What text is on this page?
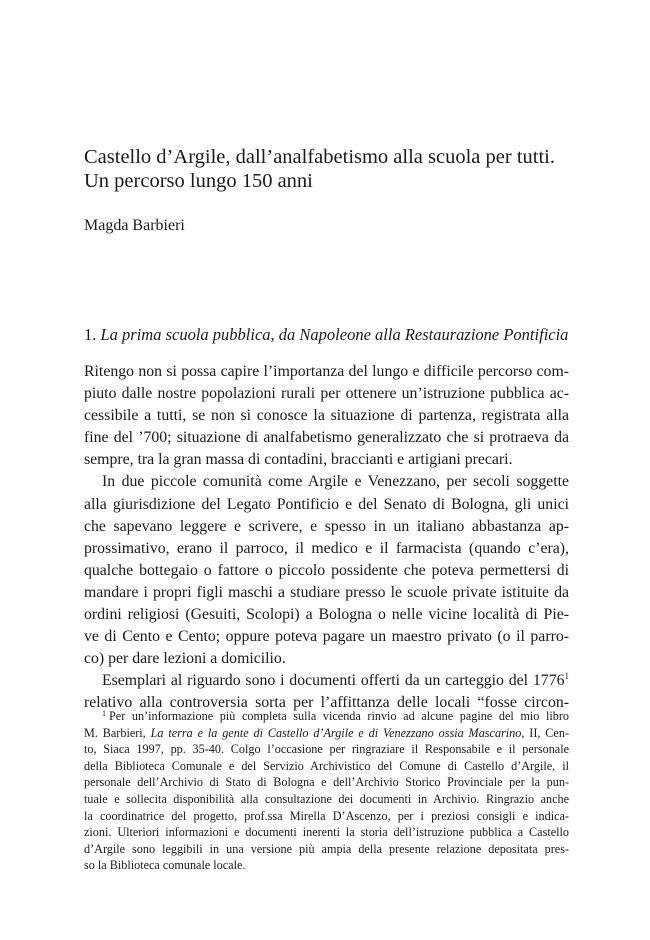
Castello d’Argile, dall’analfabetismo alla scuola per tutti.
Un percorso lungo 150 anni
Magda Barbieri
1. La prima scuola pubblica, da Napoleone alla Restaurazione Pontificia
Ritengo non si possa capire l’importanza del lungo e difficile percorso com-
piuto dalle nostre popolazioni rurali per ottenere un’istruzione pubblica ac-
cessibile a tutti, se non si conosce la situazione di partenza, registrata alla
fine del ’700; situazione di analfabetismo generalizzato che si protraeva da
sempre, tra la gran massa di contadini, braccianti e artigiani precari.
In due piccole comunità come Argile e Venezzano, per secoli soggette
alla giurisdizione del Legato Pontificio e del Senato di Bologna, gli unici
che sapevano leggere e scrivere, e spesso in un italiano abbastanza ap-
prossimativo, erano il parroco, il medico e il farmacista (quando c’era),
qualche bottegaio o fattore o piccolo possidente che poteva permettersi di
mandare i propri figli maschi a studiare presso le scuole private istituite da
ordini religiosi (Gesuiti, Scolopi) a Bologna o nelle vicine località di Pie-
ve di Cento e Cento; oppure poteva pagare un maestro privato (o il parro-
co) per dare lezioni a domicilio.
Esemplari al riguardo sono i documenti offerti da un carteggio del 1776$^1$
relativo alla controversia sorta per l’affittanza delle locali “fosse circon-
$^1$ Per un’informazione più completa sulla vicenda rinvio ad alcune pagine del mio libro
M. Barbieri, La terra e la gente di Castello d’Argile e di Venezzano ossia Mascarino, II, Cen-
to, Siaca 1997, pp. 35-40. Colgo l’occasione per ringraziare il Responsabile e il personale
della Biblioteca Comunale e del Servizio Archivistico del Comune di Castello d’Argile, il
personale dell’Archivio di Stato di Bologna e dell’Archivio Storico Provinciale per la pun-
tuale e sollecita disponibilità alla consultazione dei documenti in Archivio. Ringrazio anche
la coordinatrice del progetto, prof.ssa Mirella D’Ascenzo, per i preziosi consigli e indica-
zioni. Ulteriori informazioni e documenti inerenti la storia dell’istruzione pubblica a Castello
d’Argile sono leggibili in una versione più ampia della presente relazione depositata pres-
so la Biblioteca comunale locale.
